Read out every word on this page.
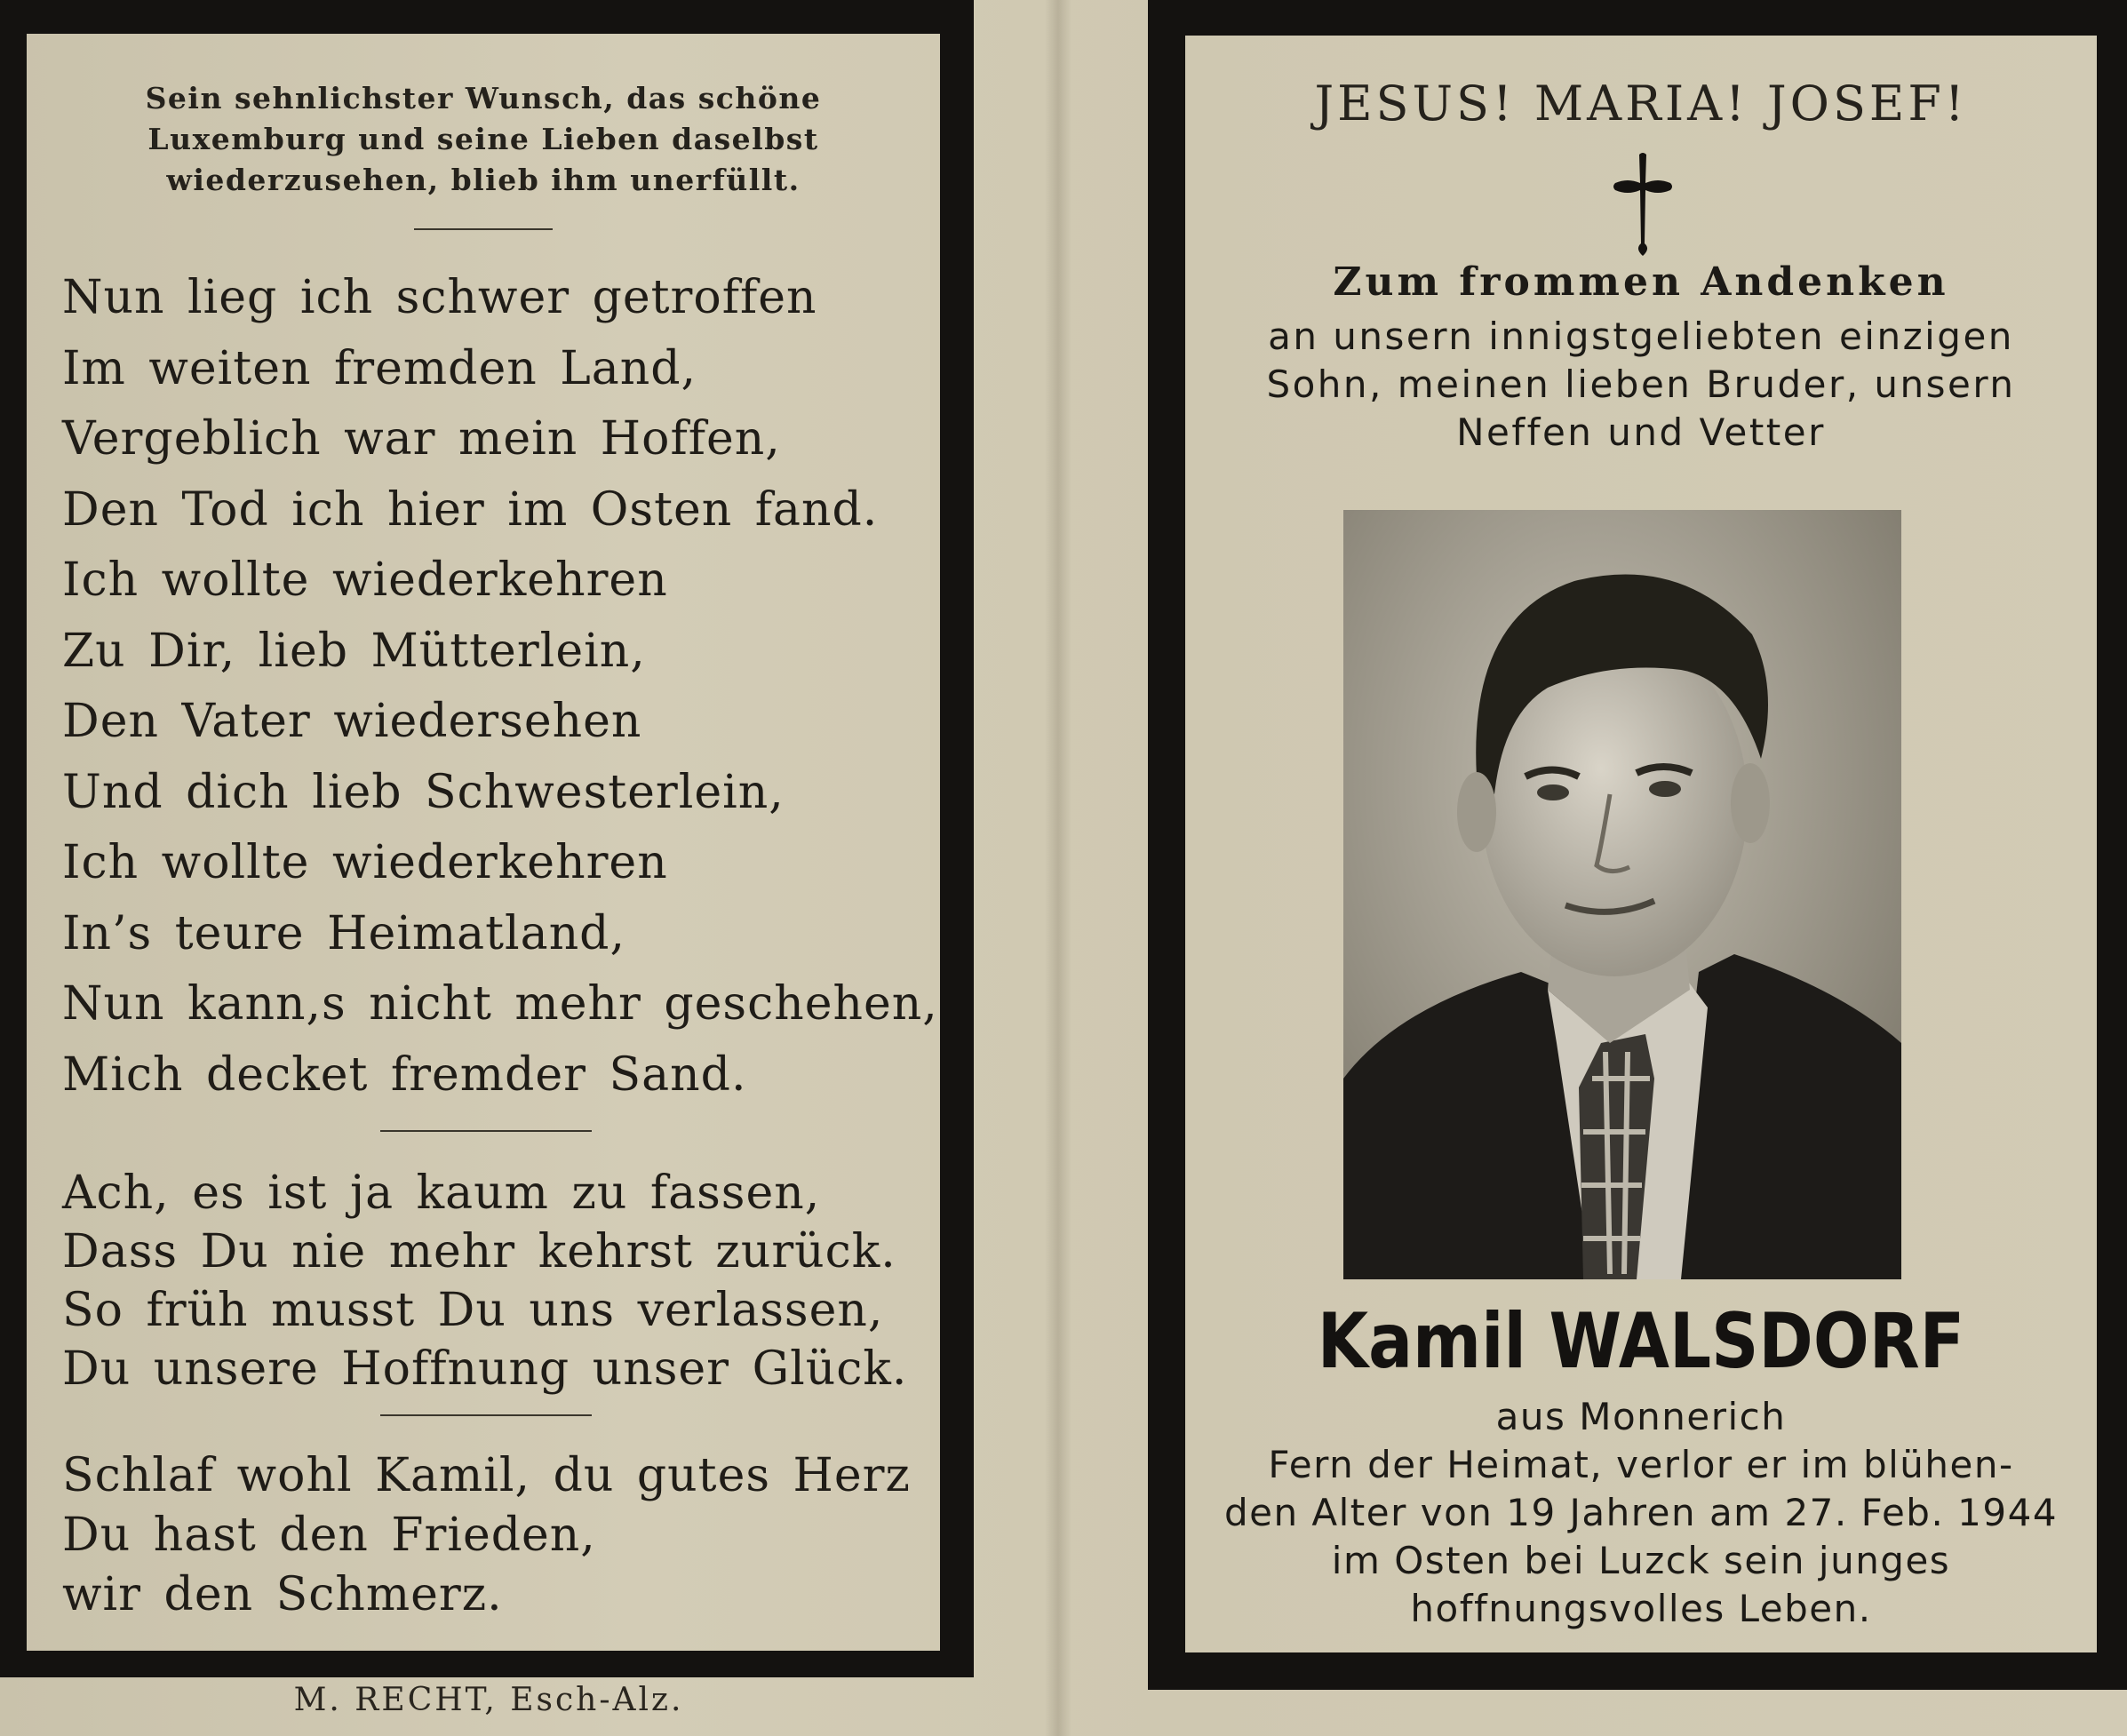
Sein sehnlichster Wunsch, das schöne
Luxemburg und seine Lieben daselbst
wiederzusehen, blieb ihm unerfüllt.
Nun lieg ich schwer getroffen
Im weiten fremden Land,
Vergeblich war mein Hoffen,
Den Tod ich hier im Osten fand.
Ich wollte wiederkehren
Zu Dir, lieb Mütterlein,
Den Vater wiedersehen
Und dich lieb Schwesterlein,
Ich wollte wiederkehren
In’s teure Heimatland,
Nun kann,s nicht mehr geschehen,
Mich decket fremder Sand.
Ach, es ist ja kaum zu fassen,
Dass Du nie mehr kehrst zurück.
So früh musst Du uns verlassen,
Du unsere Hoffnung unser Glück.
Schlaf wohl Kamil, du gutes Herz
Du hast den Frieden,
wir den Schmerz.
M. RECHT, Esch-Alz.
JESUS! MARIA! JOSEF!
Zum frommen Andenken
an unsern innigstgeliebten einzigen
Sohn, meinen lieben Bruder, unsern
Neffen und Vetter
Kamil WALSDORF
aus Monnerich
Fern der Heimat, verlor er im blühen-
den Alter von 19 Jahren am 27. Feb. 1944
im Osten bei Luzck sein junges
hoffnungsvolles Leben.
